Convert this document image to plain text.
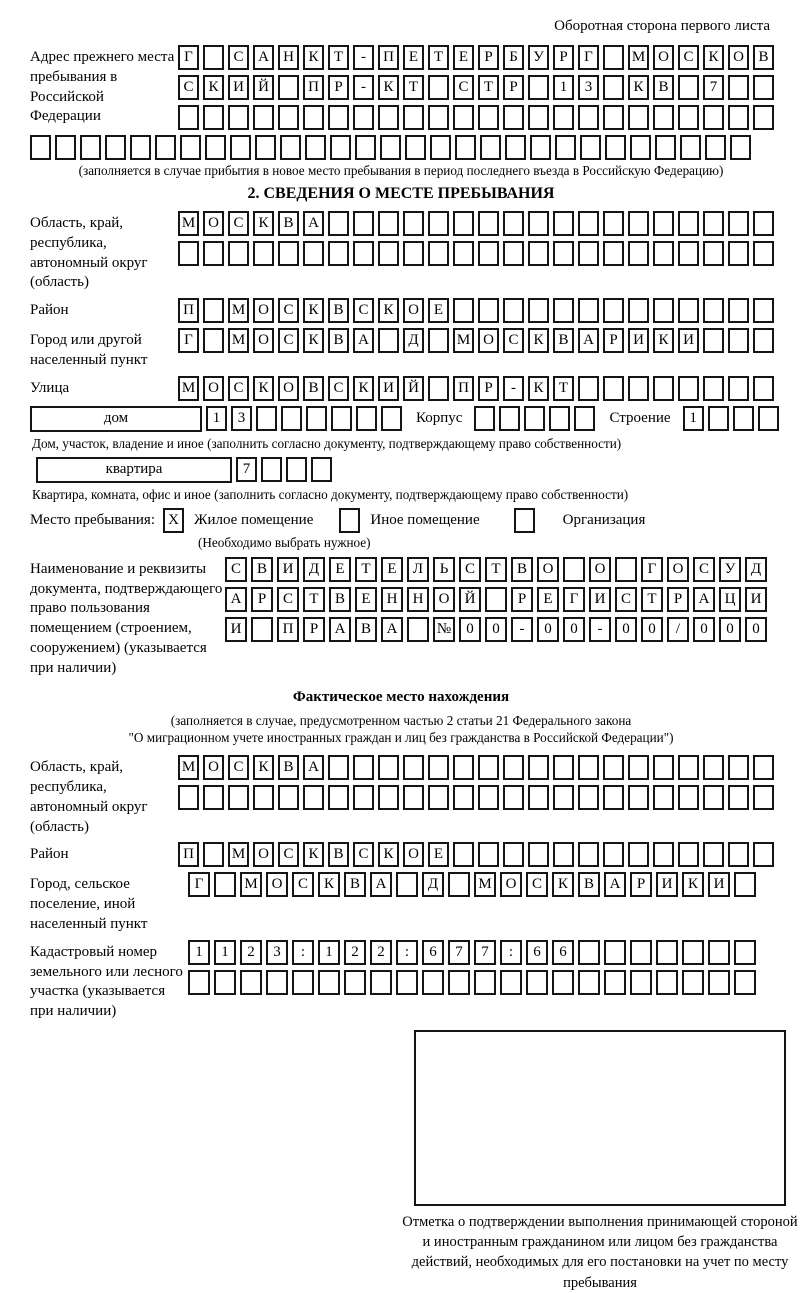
Оборотная сторона первого листа
Адрес прежнего места пребывания в Российской Федерации
Г	С А Н К	Т	-	П Е	Т	Е	Р	Б	У	Р	Г	М О С К О В
С К И Й	П	Р	-	К	Т	С	Т	Р	1	3	К В	7
(заполняется в случае прибытия в новое место пребывания в период последнего въезда в Российскую Федерацию)
2. СВЕДЕНИЯ О МЕСТЕ ПРЕБЫВАНИЯ
Область, край, республика, автономный округ (область)
М О С К В А
Район	П	М О С К В С К О Е
Город или другой населенный пункт
Г	М О С К В А	Д	М О С К В А	Р	И К И
Улица	М О С К О В С К И Й	П	Р	-	К	Т
дом	1	3	Корпус	Строение	1
Дом, участок, владение и иное (заполнить согласно документу, подтверждающему право собственности)
квартира	7
Квартира, комната, офис и иное (заполнить согласно документу, подтверждающему право собственности)
Место пребывания: X	Жилое помещение	Иное помещение	Организация
(Необходимо выбрать нужное)
Наименование и реквизиты документа, подтверждающего право пользования помещением (строением, сооружением) (указывается при наличии)
С	В	И	Д	Е	Т	Е	Л	Ь	С	Т	В	О	О	Г	О	С	У	Д
А	Р	С	Т	В	Е	Н	Н	О	Й	Р	Е	Г	И	С	Т	Р	А	Ц	И
И	П	Р	А	В	А	№	0	0	-	0	0	-	0	0	/	0	0	0
Фактическое место нахождения
(заполняется в случае, предусмотренном частью 2 статьи 21 Федерального закона
"О миграционном учете иностранных граждан и лиц без гражданства в Российской Федерации")
Область, край, республика, автономный округ (область)
М О С К В А
Район	П	М О С К В С К О Е
Город, сельское поселение, иной населенный пункт
Г	М О	С	К	В	А	Д	М О	С	К	В	А	Р	И	К	И
Кадастровый номер земельного или лесного участка (указывается при наличии)
1	1	2	3	:	1	2	2	:	6	7	7	:	6	6
Отметка о подтверждении выполнения принимающей стороной и иностранным гражданином или лицом без гражданства действий, необходимых для его постановки на учет по месту пребывания
